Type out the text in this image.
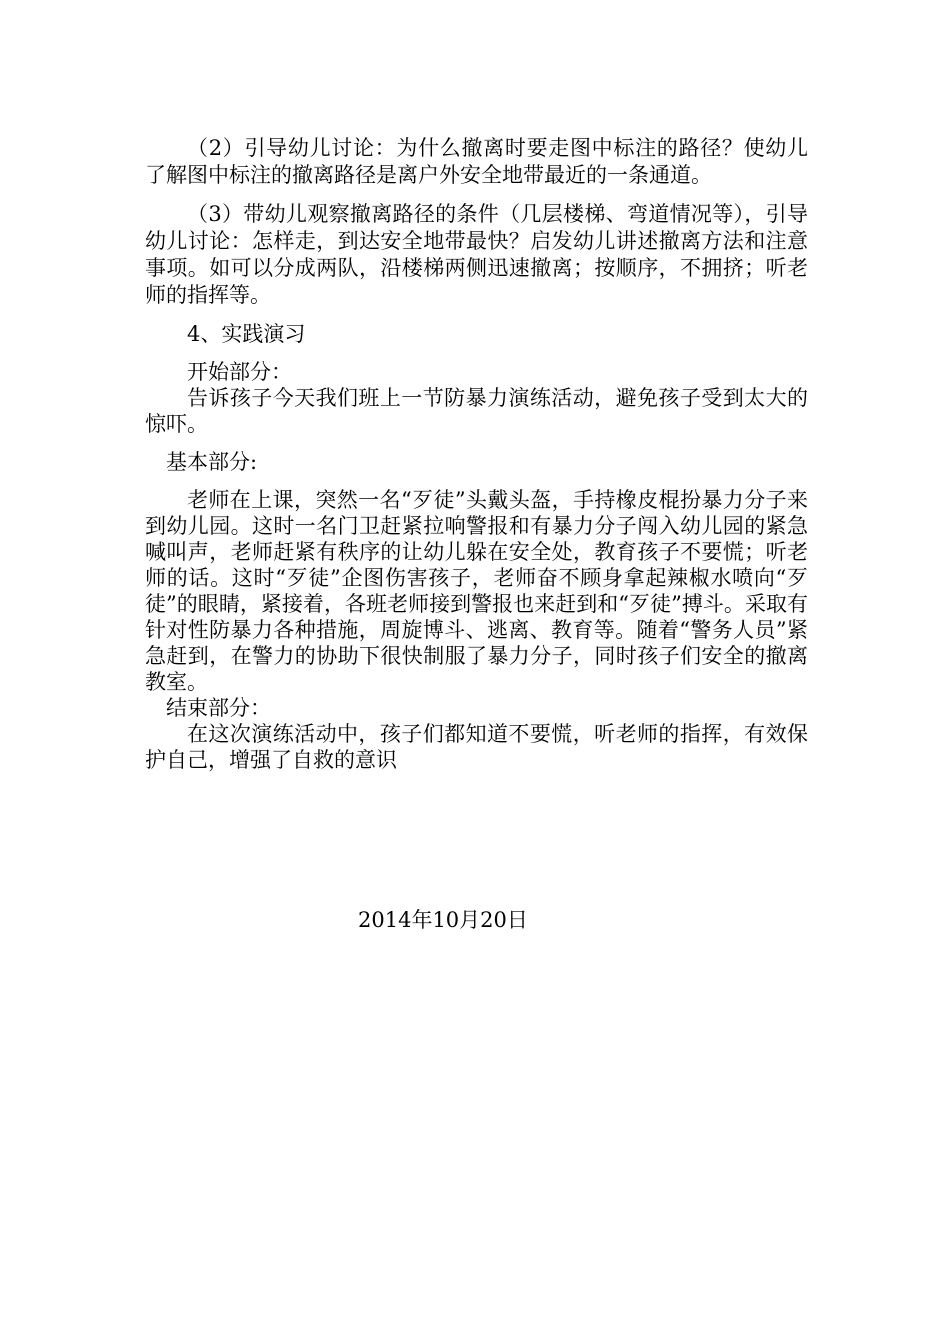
（2）引导幼儿讨论：为什么撤离时要走图中标注的路径？使幼儿了解图中标注的撤离路径是离户外安全地带最近的一条通道。

（3）带幼儿观察撤离路径的条件（几层楼梯、弯道情况等），引导幼儿讨论：怎样走，到达安全地带最快？启发幼儿讲述撤离方法和注意事项。如可以分成两队，沿楼梯两侧迅速撤离；按顺序，不拥挤；听老师的指挥等。

4、实践演习

开始部分：

告诉孩子今天我们班上一节防暴力演练活动，避免孩子受到太大的惊吓。

基本部分:

老师在上课，突然一名“歹徒”头戴头盔，手持橡皮棍扮暴力分子来到幼儿园。这时一名门卫赶紧拉响警报和有暴力分子闯入幼儿园的紧急喊叫声，老师赶紧有秩序的让幼儿躲在安全处，教育孩子不要慌；听老师的话。这时“歹徒”企图伤害孩子，老师奋不顾身拿起辣椒水喷向“歹徒”的眼睛，紧接着，各班老师接到警报也来赶到和“歹徒”搏斗。采取有针对性防暴力各种措施，周旋博斗、逃离、教育等。随着“警务人员”紧急赶到，在警力的协助下很快制服了暴力分子，同时孩子们安全的撤离教室。

结束部分：

在这次演练活动中，孩子们都知道不要慌，听老师的指挥，有效保护自己，增强了自救的意识

2014年10月20日
